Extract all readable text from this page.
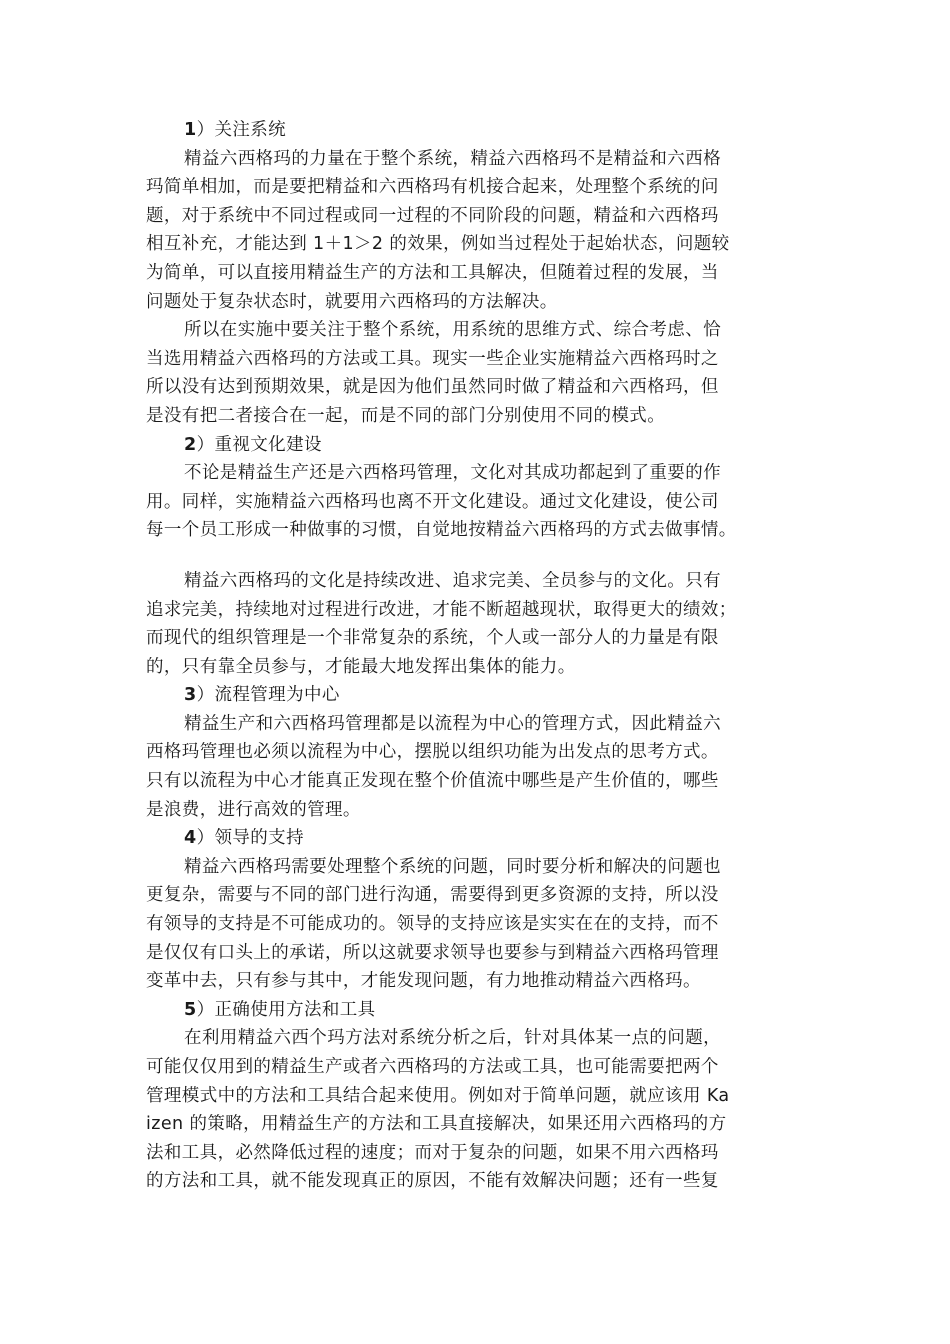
1）关注系统
精益六西格玛的力量在于整个系统，精益六西格玛不是精益和六西格
玛简单相加，而是要把精益和六西格玛有机接合起来，处理整个系统的问
题，对于系统中不同过程或同一过程的不同阶段的问题，精益和六西格玛
相互补充，才能达到 1＋1＞2 的效果，例如当过程处于起始状态，问题较
为简单，可以直接用精益生产的方法和工具解决，但随着过程的发展，当
问题处于复杂状态时，就要用六西格玛的方法解决。
所以在实施中要关注于整个系统，用系统的思维方式、综合考虑、恰
当选用精益六西格玛的方法或工具。现实一些企业实施精益六西格玛时之
所以没有达到预期效果，就是因为他们虽然同时做了精益和六西格玛，但
是没有把二者接合在一起，而是不同的部门分别使用不同的模式。
2）重视文化建设
不论是精益生产还是六西格玛管理，文化对其成功都起到了重要的作
用。同样，实施精益六西格玛也离不开文化建设。通过文化建设，使公司
每一个员工形成一种做事的习惯，自觉地按精益六西格玛的方式去做事情。
精益六西格玛的文化是持续改进、追求完美、全员参与的文化。只有
追求完美，持续地对过程进行改进，才能不断超越现状，取得更大的绩效；
而现代的组织管理是一个非常复杂的系统，个人或一部分人的力量是有限
的，只有靠全员参与，才能最大地发挥出集体的能力。
3）流程管理为中心
精益生产和六西格玛管理都是以流程为中心的管理方式，因此精益六
西格玛管理也必须以流程为中心，摆脱以组织功能为出发点的思考方式。
只有以流程为中心才能真正发现在整个价值流中哪些是产生价值的，哪些
是浪费，进行高效的管理。
4）领导的支持
精益六西格玛需要处理整个系统的问题，同时要分析和解决的问题也
更复杂，需要与不同的部门进行沟通，需要得到更多资源的支持，所以没
有领导的支持是不可能成功的。领导的支持应该是实实在在的支持，而不
是仅仅有口头上的承诺，所以这就要求领导也要参与到精益六西格玛管理
变革中去，只有参与其中，才能发现问题，有力地推动精益六西格玛。
5）正确使用方法和工具
在利用精益六西个玛方法对系统分析之后，针对具体某一点的问题，
可能仅仅用到的精益生产或者六西格玛的方法或工具，也可能需要把两个
管理模式中的方法和工具结合起来使用。例如对于简单问题，就应该用 Ka
izen 的策略，用精益生产的方法和工具直接解决，如果还用六西格玛的方
法和工具，必然降低过程的速度；而对于复杂的问题，如果不用六西格玛
的方法和工具，就不能发现真正的原因，不能有效解决问题；还有一些复
